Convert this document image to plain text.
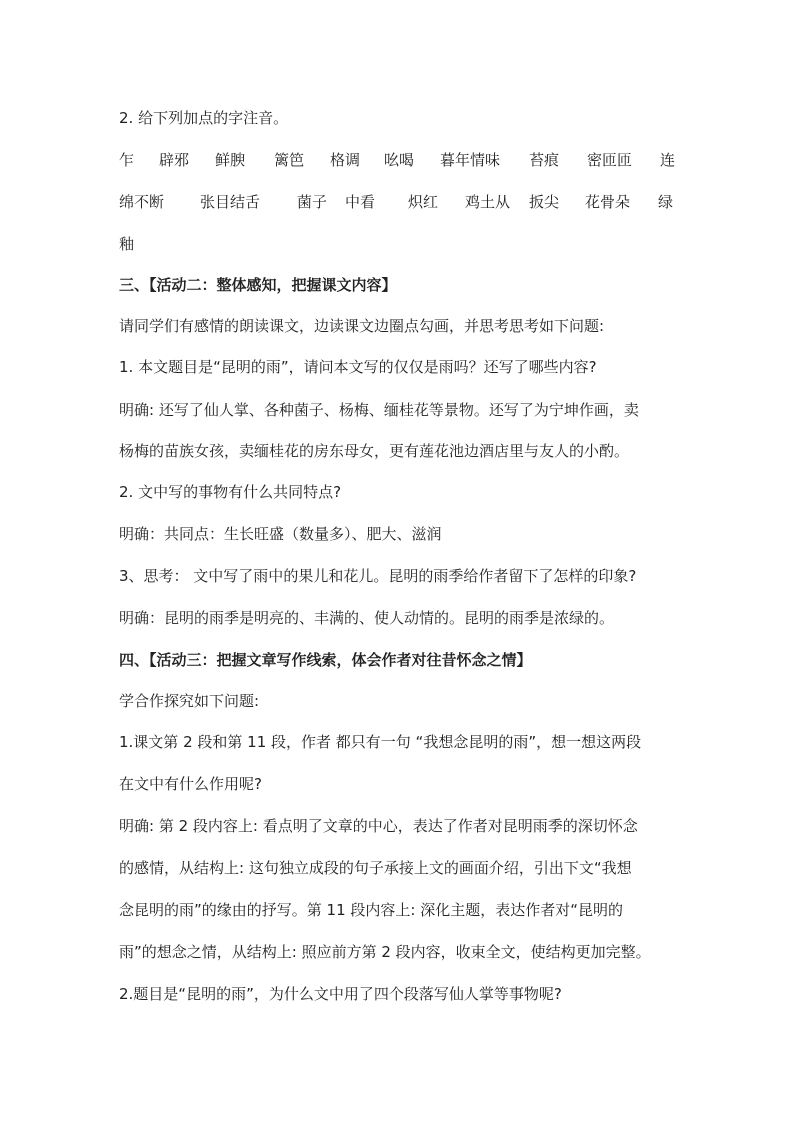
2. 给下列加点的字注音。
乍 辟邪 鲜腴 篱笆 格调 吆喝 暮年情味 苔痕 密匝匝 连
绵不断 张目结舌 菌子 中看 炽红 鸡土从 扳尖 花骨朵 绿
釉
三、【活动二：整体感知，把握课文内容】
请同学们有感情的朗读课文，边读课文边圈点勾画，并思考思考如下问题:
1. 本文题目是“昆明的雨”，请问本文写的仅仅是雨吗？还写了哪些内容?
明确: 还写了仙人掌、各种菌子、杨梅、缅桂花等景物。还写了为宁坤作画，卖
杨梅的苗族女孩，卖缅桂花的房东母女，更有莲花池边酒店里与友人的小酌。
2. 文中写的事物有什么共同特点?
明确：共同点：生长旺盛（数量多）、肥大、滋润
3、思考： 文中写了雨中的果儿和花儿。昆明的雨季给作者留下了怎样的印象?
明确：昆明的雨季是明亮的、丰满的、使人动情的。昆明的雨季是浓绿的。
四、【活动三：把握文章写作线索，体会作者对往昔怀念之情】
学合作探究如下问题:
1.课文第 2 段和第 11 段，作者 都只有一句 “我想念昆明的雨”，想一想这两段
在文中有什么作用呢?
明确: 第 2 段内容上: 看点明了文章的中心，表达了作者对昆明雨季的深切怀念
的感情，从结构上: 这句独立成段的句子承接上文的画面介绍，引出下文“我想
念昆明的雨”的缘由的抒写。第 11 段内容上: 深化主题，表达作者对“昆明的
雨”的想念之情，从结构上: 照应前方第 2 段内容，收束全文，使结构更加完整。
2.题目是“昆明的雨”，为什么文中用了四个段落写仙人掌等事物呢?
